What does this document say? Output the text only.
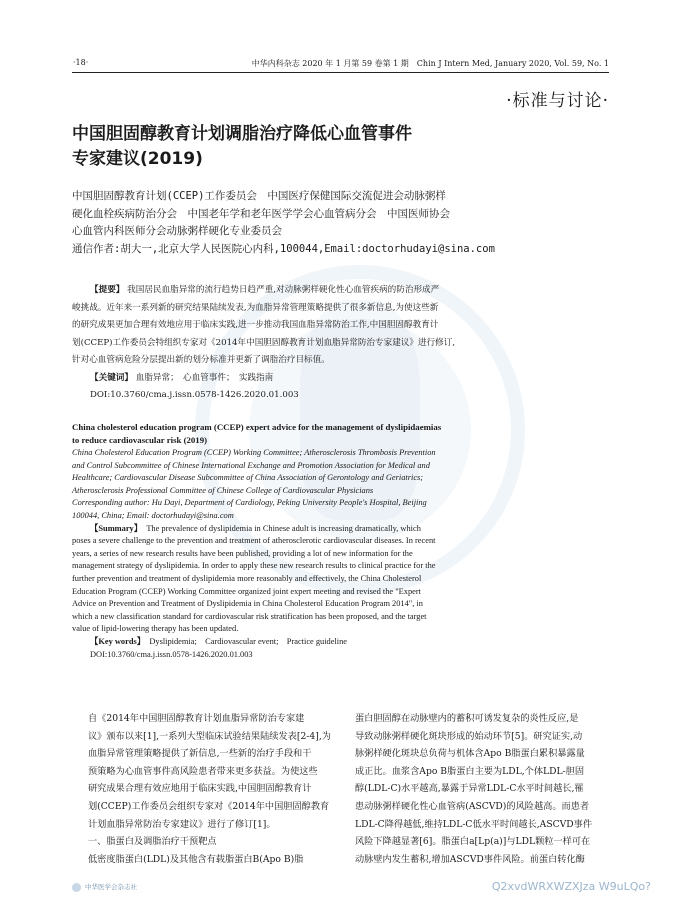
·18·	中华内科杂志 2020 年 1 月第 59 卷第 1 期　Chin J Intern Med, January 2020, Vol. 59, No. 1
·标准与讨论·
中国胆固醇教育计划调脂治疗降低心血管事件
专家建议(2019)
中国胆固醇教育计划(CCEP)工作委员会　中国医疗保健国际交流促进会动脉粥样
硬化血栓疾病防治分会　中国老年学和老年医学学会心血管病分会　中国医师协会
心血管内科医师分会动脉粥样硬化专业委员会
通信作者:胡大一,北京大学人民医院心内科,100044,Email:doctorhudayi@sina.com
【提要】 我国居民血脂异常的流行趋势日趋严重,对动脉粥样硬化性心血管疾病的防治形成严
峻挑战。近年来一系列新的研究结果陆续发表,为血脂异常管理策略提供了很多新信息,为使这些新
的研究成果更加合理有效地应用于临床实践,进一步推动我国血脂异常防治工作,中国胆固醇教育计
划(CCEP)工作委员会特组织专家对《2014年中国胆固醇教育计划血脂异常防治专家建议》进行修订,
针对心血管病危险分层提出新的划分标准并更新了调脂治疗目标值。
【关键词】 血脂异常；　心血管事件；　实践指南
DOI:10.3760/cma.j.issn.0578-1426.2020.01.003
China cholesterol education program (CCEP) expert advice for the management of dyslipidaemias
to reduce cardiovascular risk (2019)
China Cholesterol Education Program (CCEP) Working Committee; Atherosclerosis Thrombosis Prevention
and Control Subcommittee of Chinese International Exchange and Promotion Association for Medical and
Healthcare; Cardiovascular Disease Subcommittee of China Association of Gerontology and Geriatrics;
Atherosclerosis Professional Committee of Chinese College of Cardiovascular Physicians
Corresponding author: Hu Dayi, Department of Cardiology, Peking University People's Hospital, Beijing
100044, China; Email: doctorhudayi@sina.com
【Summary】 The prevalence of dyslipidemia in Chinese adult is increasing dramatically, which
poses a severe challenge to the prevention and treatment of atherosclerotic cardiovascular diseases. In recent
years, a series of new research results have been published, providing a lot of new information for the
management strategy of dyslipidemia. In order to apply these new research results to clinical practice for the
further prevention and treatment of dyslipidemia more reasonably and effectively, the China Cholesterol
Education Program (CCEP) Working Committee organized joint expert meeting and revised the "Expert
Advice on Prevention and Treatment of Dyslipidemia in China Cholesterol Education Program 2014", in
which a new classification standard for cardiovascular risk stratification has been proposed, and the target
value of lipid-lowering therapy has been updated.
【Key words】 Dyslipidemia;　Cardiovascular event;　Practice guideline
DOI:10.3760/cma.j.issn.0578-1426.2020.01.003
自《2014年中国胆固醇教育计划血脂异常防治专家建
议》颁布以来[1],一系列大型临床试验结果陆续发表[2-4],为
血脂异常管理策略提供了新信息,一些新的治疗手段和干
预策略为心血管事件高风险患者带来更多获益。为使这些
研究成果合理有效应地用于临床实践,中国胆固醇教育计
划(CCEP)工作委员会组织专家对《2014年中国胆固醇教育
计划血脂异常防治专家建议》进行了修订[1]。
一、脂蛋白及调脂治疗干预靶点
低密度脂蛋白(LDL)及其他含有载脂蛋白B(Apo B)脂
蛋白胆固醇在动脉壁内的蓄积可诱发复杂的炎性反应,是
导致动脉粥样硬化斑块形成的始动环节[5]。研究证实,动
脉粥样硬化斑块总负荷与机体含Apo B脂蛋白累积暴露量
成正比。血浆含Apo B脂蛋白主要为LDL,个体LDL-胆固
醇(LDL-C)水平越高,暴露于异常LDL-C水平时间越长,罹
患动脉粥样硬化性心血管病(ASCVD)的风险越高。而患者
LDL-C降得越低,维持LDL-C低水平时间越长,ASCVD事件
风险下降越显著[6]。脂蛋白a[Lp(a)]与LDL颗粒一样可在
动脉壁内发生蓄积,增加ASCVD事件风险。前蛋白转化酶
中华医学会杂志社	Q2xvdWRXWZXJza W9uLQo?
